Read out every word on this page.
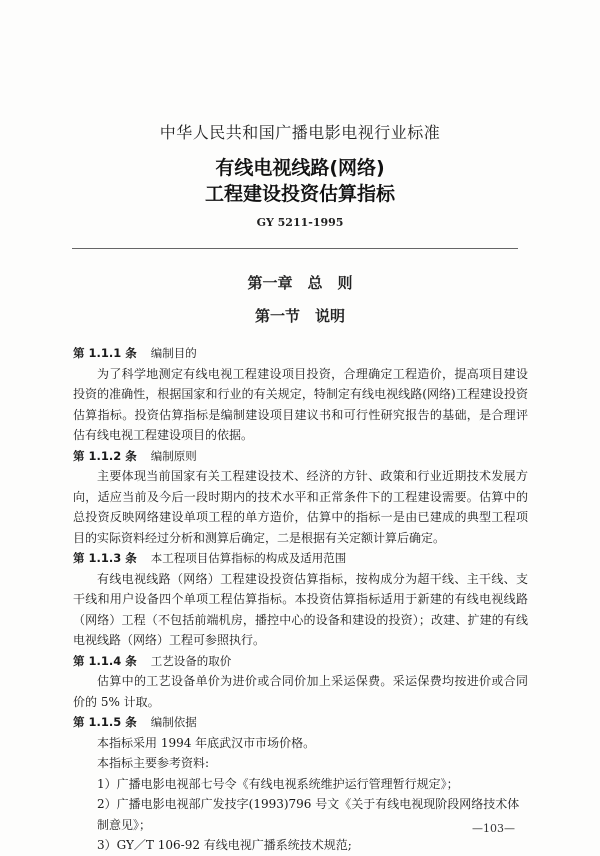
中华人民共和国广播电影电视行业标准
有线电视线路(网络)
工程建设投资估算指标
GY 5211-1995
第一章　总　则
第一节　说明
第 1.1.1 条 编制目的
为了科学地测定有线电视工程建设项目投资，合理确定工程造价，提高项目建设投资的准确性，根据国家和行业的有关规定，特制定有线电视线路(网络)工程建设投资估算指标。投资估算指标是编制建设项目建议书和可行性研究报告的基础，是合理评估有线电视工程建设项目的依据。
第 1.1.2 条 编制原则
主要体现当前国家有关工程建设技术、经济的方针、政策和行业近期技术发展方向，适应当前及今后一段时期内的技术水平和正常条件下的工程建设需要。估算中的总投资反映网络建设单项工程的单方造价，估算中的指标一是由已建成的典型工程项目的实际资料经过分析和测算后确定，二是根据有关定额计算后确定。
第 1.1.3 条 本工程项目估算指标的构成及适用范围
有线电视线路（网络）工程建设投资估算指标，按构成分为超干线、主干线、支干线和用户设备四个单项工程估算指标。本投资估算指标适用于新建的有线电视线路（网络）工程（不包括前端机房，播控中心的设备和建设的投资）；改建、扩建的有线电视线路（网络）工程可参照执行。
第 1.1.4 条 工艺设备的取价
估算中的工艺设备单价为进价或合同价加上采运保费。采运保费均按进价或合同价的 5% 计取。
第 1.1.5 条 编制依据
本指标采用 1994 年底武汉市市场价格。
本指标主要参考资料:
1）广播电影电视部七号令《有线电视系统维护运行管理暂行规定》；
2）广播电影电视部广发技字(1993)796 号文《关于有线电视现阶段网络技术体制意见》；
3）GY／T 106-92 有线电视广播系统技术规范;
—103—
